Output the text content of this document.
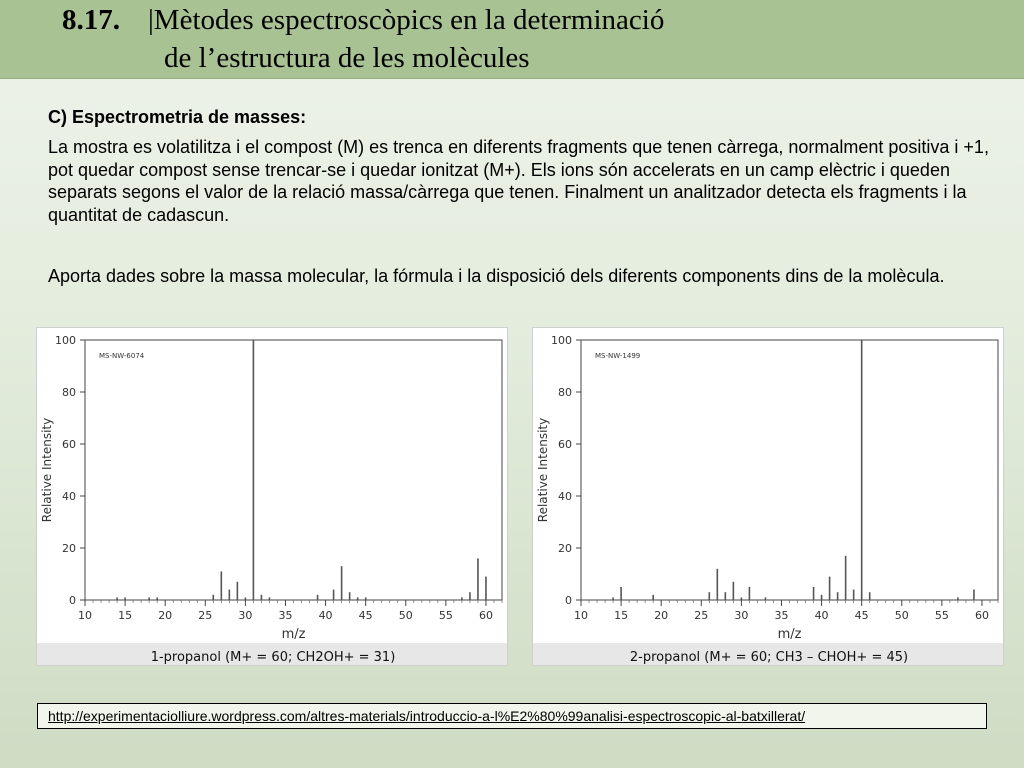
8.17. |Mètodes espectroscòpics en la determinació
de l’estructura de les molècules
C) Espectrometria de masses:

La mostra es volatilitza i el compost (M) es trenca en diferents fragments que tenen càrrega, normalment positiva i +1, pot quedar compost sense trencar-se i quedar ionitzat (M+). Els ions són accelerats en un camp elèctric i queden separats segons el valor de la relació massa/càrrega que tenen. Finalment un analitzador detecta els fragments i la quantitat de cadascun.

Aporta dades sobre la massa molecular, la fórmula i la disposició dels diferents components dins de la molècula.

0
20
40
60
80
100
10 15 20 25 30 35 40 45 50 55 60
MS-NW-6074
m/z
Relative Intensity
1-propanol (M+ = 60; CH2OH+ = 31)
0
20
40
60
80
100
10 15 20 25 30 35 40 45 50 55 60
MS-NW-1499
m/z
Relative Intensity
2-propanol (M+ = 60; CH3 – CHOH+ = 45)
http://experimentaciolliure.wordpress.com/altres-materials/introduccio-a-l%E2%80%99analisi-espectroscopic-al-batxillerat/
